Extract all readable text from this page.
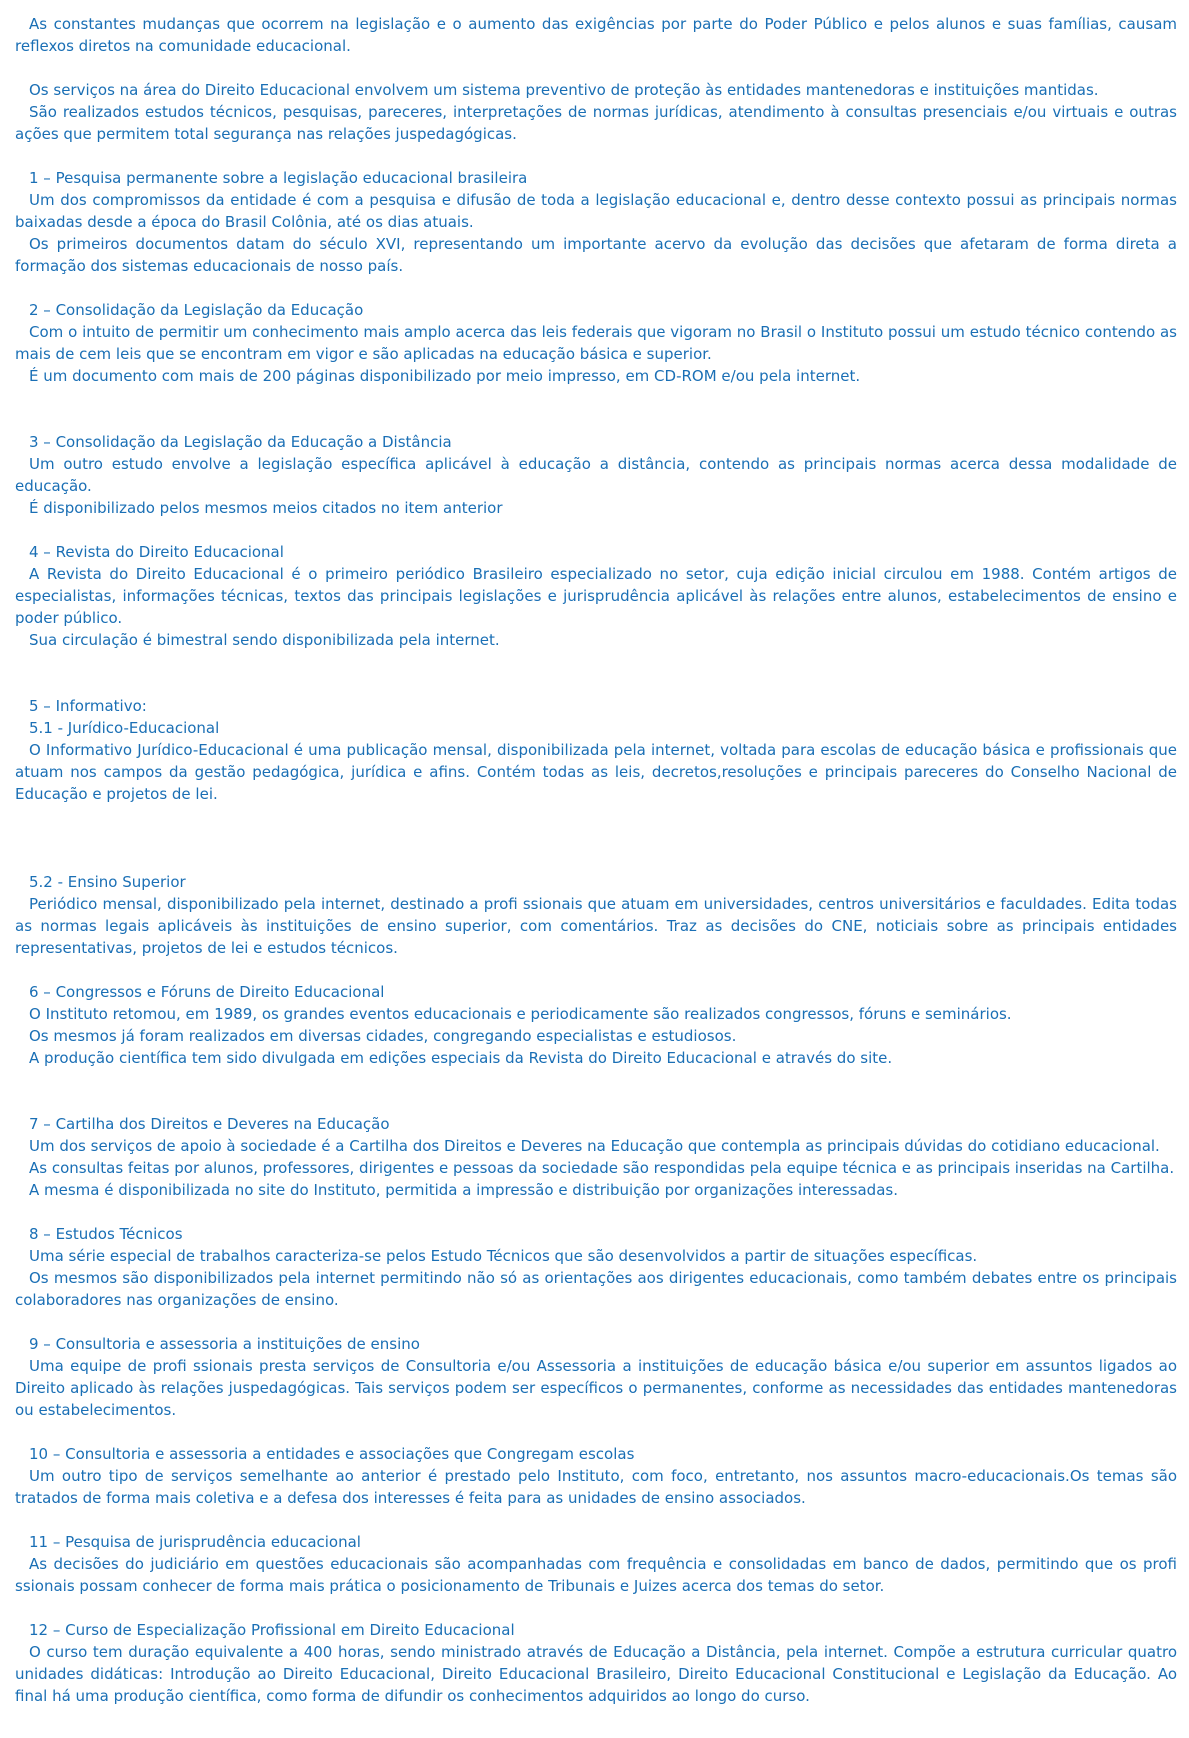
As constantes mudanças que ocorrem na legislação e o aumento das exigências por parte do Poder Público e pelos alunos e suas famílias, causam reflexos diretos na comunidade educacional.

Os serviços na área do Direito Educacional envolvem um sistema preventivo de proteção às entidades mantenedoras e instituições mantidas.

São realizados estudos técnicos, pesquisas, pareceres, interpretações de normas jurídicas, atendimento à consultas presenciais e/ou virtuais e outras ações que permitem total segurança nas relações juspedagógicas.

1 – Pesquisa permanente sobre a legislação educacional brasileira

Um dos compromissos da entidade é com a pesquisa e difusão de toda a legislação educacional e, dentro desse contexto possui as principais normas baixadas desde a época do Brasil Colônia, até os dias atuais.

Os primeiros documentos datam do século XVI, representando um importante acervo da evolução das decisões que afetaram de forma direta a formação dos sistemas educacionais de nosso país.

2 – Consolidação da Legislação da Educação

Com o intuito de permitir um conhecimento mais amplo acerca das leis federais que vigoram no Brasil o Instituto possui um estudo técnico contendo as mais de cem leis que se encontram em vigor e são aplicadas na educação básica e superior.

É um documento com mais de 200 páginas disponibilizado por meio impresso, em CD-ROM e/ou pela internet.

3 – Consolidação da Legislação da Educação a Distância

Um outro estudo envolve a legislação específica aplicável à educação a distância, contendo as principais normas acerca dessa modalidade de educação.

É disponibilizado pelos mesmos meios citados no item anterior

4 – Revista do Direito Educacional

A Revista do Direito Educacional é o primeiro periódico Brasileiro especializado no setor, cuja edição inicial circulou em 1988. Contém artigos de especialistas, informações técnicas, textos das principais legislações e jurisprudência aplicável às relações entre alunos, estabelecimentos de ensino e poder público.

Sua circulação é bimestral sendo disponibilizada pela internet.

5 – Informativo:

5.1 - Jurídico-Educacional

O Informativo Jurídico-Educacional é uma publicação mensal, disponibilizada pela internet, voltada para escolas de educação básica e profissionais que atuam nos campos da gestão pedagógica, jurídica e afins. Contém todas as leis, decretos,resoluções e principais pareceres do Conselho Nacional de Educação e projetos de lei.

5.2 - Ensino Superior

Periódico mensal, disponibilizado pela internet, destinado a profi ssionais que atuam em universidades, centros universitários e faculdades. Edita todas as normas legais aplicáveis às instituições de ensino superior, com comentários. Traz as decisões do CNE, noticiais sobre as principais entidades representativas, projetos de lei e estudos técnicos.

6 – Congressos e Fóruns de Direito Educacional

O Instituto retomou, em 1989, os grandes eventos educacionais e periodicamente são realizados congressos, fóruns e seminários.

Os mesmos já foram realizados em diversas cidades, congregando especialistas e estudiosos.

A produção científica tem sido divulgada em edições especiais da Revista do Direito Educacional e através do site.

7 – Cartilha dos Direitos e Deveres na Educação

Um dos serviços de apoio à sociedade é a Cartilha dos Direitos e Deveres na Educação que contempla as principais dúvidas do cotidiano educacional.

As consultas feitas por alunos, professores, dirigentes e pessoas da sociedade são respondidas pela equipe técnica e as principais inseridas na Cartilha.

A mesma é disponibilizada no site do Instituto, permitida a impressão e distribuição por organizações interessadas.

8 – Estudos Técnicos

Uma série especial de trabalhos caracteriza-se pelos Estudo Técnicos que são desenvolvidos a partir de situações específicas.

Os mesmos são disponibilizados pela internet permitindo não só as orientações aos dirigentes educacionais, como também debates entre os principais colaboradores nas organizações de ensino.

9 – Consultoria e assessoria a instituições de ensino

Uma equipe de profi ssionais presta serviços de Consultoria e/ou Assessoria a instituições de educação básica e/ou superior em assuntos ligados ao Direito aplicado às relações juspedagógicas. Tais serviços podem ser específicos o permanentes, conforme as necessidades das entidades mantenedoras ou estabelecimentos.

10 – Consultoria e assessoria a entidades e associações que Congregam escolas

Um outro tipo de serviços semelhante ao anterior é prestado pelo Instituto, com foco, entretanto, nos assuntos macro-educacionais.Os temas são tratados de forma mais coletiva e a defesa dos interesses é feita para as unidades de ensino associados.

11 – Pesquisa de jurisprudência educacional

As decisões do judiciário em questões educacionais são acompanhadas com frequência e consolidadas em banco de dados, permitindo que os profi ssionais possam conhecer de forma mais prática o posicionamento de Tribunais e Juizes acerca dos temas do setor.

12 – Curso de Especialização Profissional em Direito Educacional

O curso tem duração equivalente a 400 horas, sendo ministrado através de Educação a Distância, pela internet. Compõe a estrutura curricular quatro unidades didáticas: Introdução ao Direito Educacional, Direito Educacional Brasileiro, Direito Educacional Constitucional e Legislação da Educação. Ao final há uma produção científica, como forma de difundir os conhecimentos adquiridos ao longo do curso.
